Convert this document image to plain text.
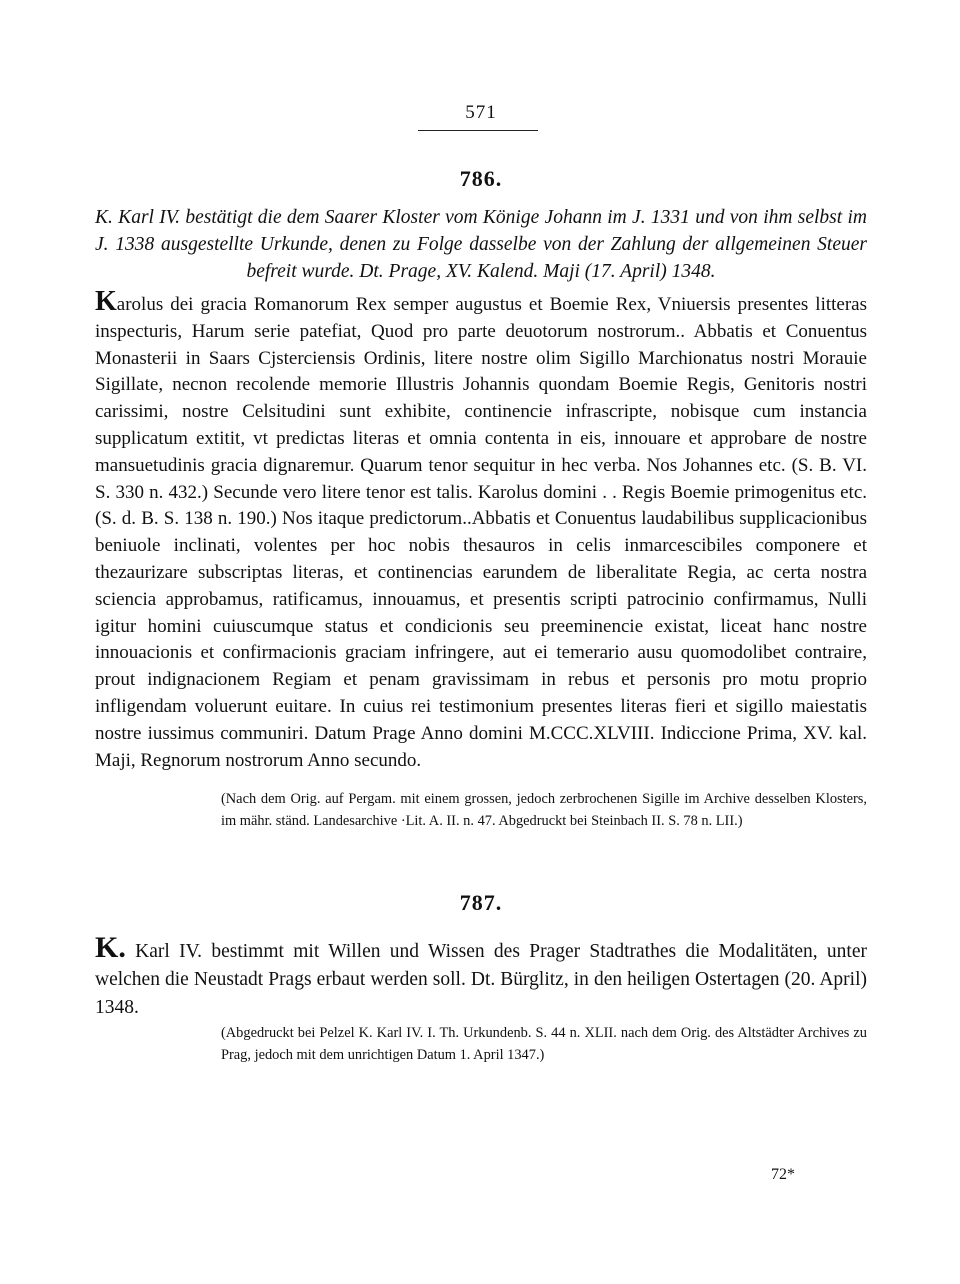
571
786.
K. Karl IV. bestätigt die dem Saarer Kloster vom Könige Johann im J. 1331 und von ihm selbst im J. 1338 ausgestellte Urkunde, denen zu Folge dasselbe von der Zahlung der allgemeinen Steuer befreit wurde. Dt. Prage, XV. Kalend. Maji (17. April) 1348.
Karolus dei gracia Romanorum Rex semper augustus et Boemie Rex, Vniuersis presentes litteras inspecturis, Harum serie patefiat, Quod pro parte deuotorum nostrorum.. Abbatis et Conuentus Monasterii in Saars Cjsterciensis Ordinis, litere nostre olim Sigillo Marchionatus nostri Morauie Sigillate, necnon recolende memorie Illustris Johannis quondam Boemie Regis, Genitoris nostri carissimi, nostre Celsitudini sunt exhibite, continencie infrascripte, nobisque cum instancia supplicatum extitit, vt predictas literas et omnia contenta in eis, innouare et approbare de nostre mansuetudinis gracia dignaremur. Quarum tenor sequitur in hec verba. Nos Johannes etc. (S. B. VI. S. 330 n. 432.) Secunde vero litere tenor est talis. Karolus domini . . Regis Boemie primogenitus etc. (S. d. B. S. 138 n. 190.) Nos itaque predictorum..Abbatis et Conuentus laudabilibus supplicacionibus beniuole inclinati, volentes per hoc nobis thesauros in celis inmarcescibiles componere et thezaurizare subscriptas literas, et continencias earundem de liberalitate Regia, ac certa nostra sciencia approbamus, ratificamus, innouamus, et presentis scripti patrocinio confirmamus, Nulli igitur homini cuiuscumque status et condicionis seu preeminencie existat, liceat hanc nostre innouacionis et confirmacionis graciam infringere, aut ei temerario ausu quomodolibet contraire, prout indignacionem Regiam et penam gravissimam in rebus et personis pro motu proprio infligendam voluerunt euitare. In cuius rei testimonium presentes literas fieri et sigillo maiestatis nostre iussimus communiri. Datum Prage Anno domini M.CCC.XLVIII. Indiccione Prima, XV. kal. Maji, Regnorum nostrorum Anno secundo.
(Nach dem Orig. auf Pergam. mit einem grossen, jedoch zerbrochenen Sigille im Archive desselben Klosters, im mähr. ständ. Landesarchive ·Lit. A. II. n. 47. Abgedruckt bei Steinbach II. S. 78 n. LII.)
787.
K. Karl IV. bestimmt mit Willen und Wissen des Prager Stadtrathes die Modalitäten, unter welchen die Neustadt Prags erbaut werden soll. Dt. Bürglitz, in den heiligen Ostertagen (20. April) 1348.
(Abgedruckt bei Pelzel K. Karl IV. I. Th. Urkundenb. S. 44 n. XLII. nach dem Orig. des Altstädter Archives zu Prag, jedoch mit dem unrichtigen Datum 1. April 1347.)
72*
